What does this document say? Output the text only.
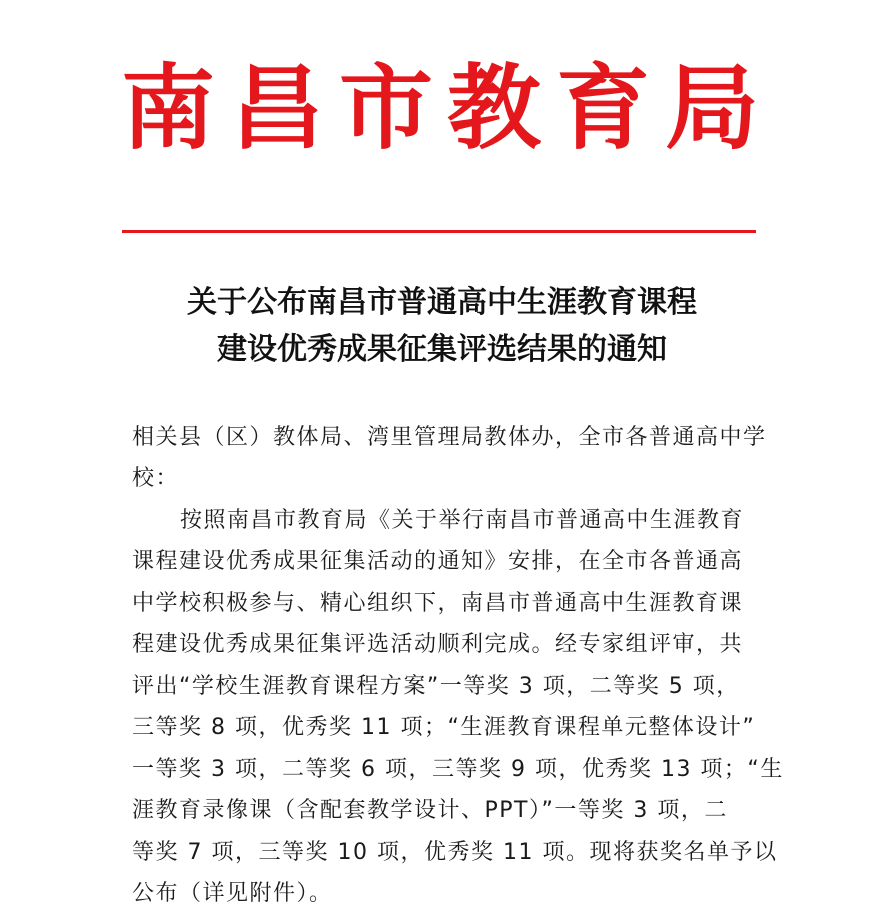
南 昌 市 教 育 局
关于公布南昌市普通高中生涯教育课程
建设优秀成果征集评选结果的通知
相关县（区）教体局、湾里管理局教体办，全市各普通高中学
校：
按照南昌市教育局《关于举行南昌市普通高中生涯教育
课程建设优秀成果征集活动的通知》安排，在全市各普通高
中学校积极参与、精心组织下，南昌市普通高中生涯教育课
程建设优秀成果征集评选活动顺利完成。经专家组评审，共
评出“学校生涯教育课程方案”一等奖 3 项，二等奖 5 项，
三等奖 8 项，优秀奖 11 项；“生涯教育课程单元整体设计”
一等奖 3 项，二等奖 6 项，三等奖 9 项，优秀奖 13 项；“生
涯教育录像课（含配套教学设计、PPT）”一等奖 3 项，二
等奖 7 项，三等奖 10 项，优秀奖 11 项。现将获奖名单予以
公布（详见附件）。
